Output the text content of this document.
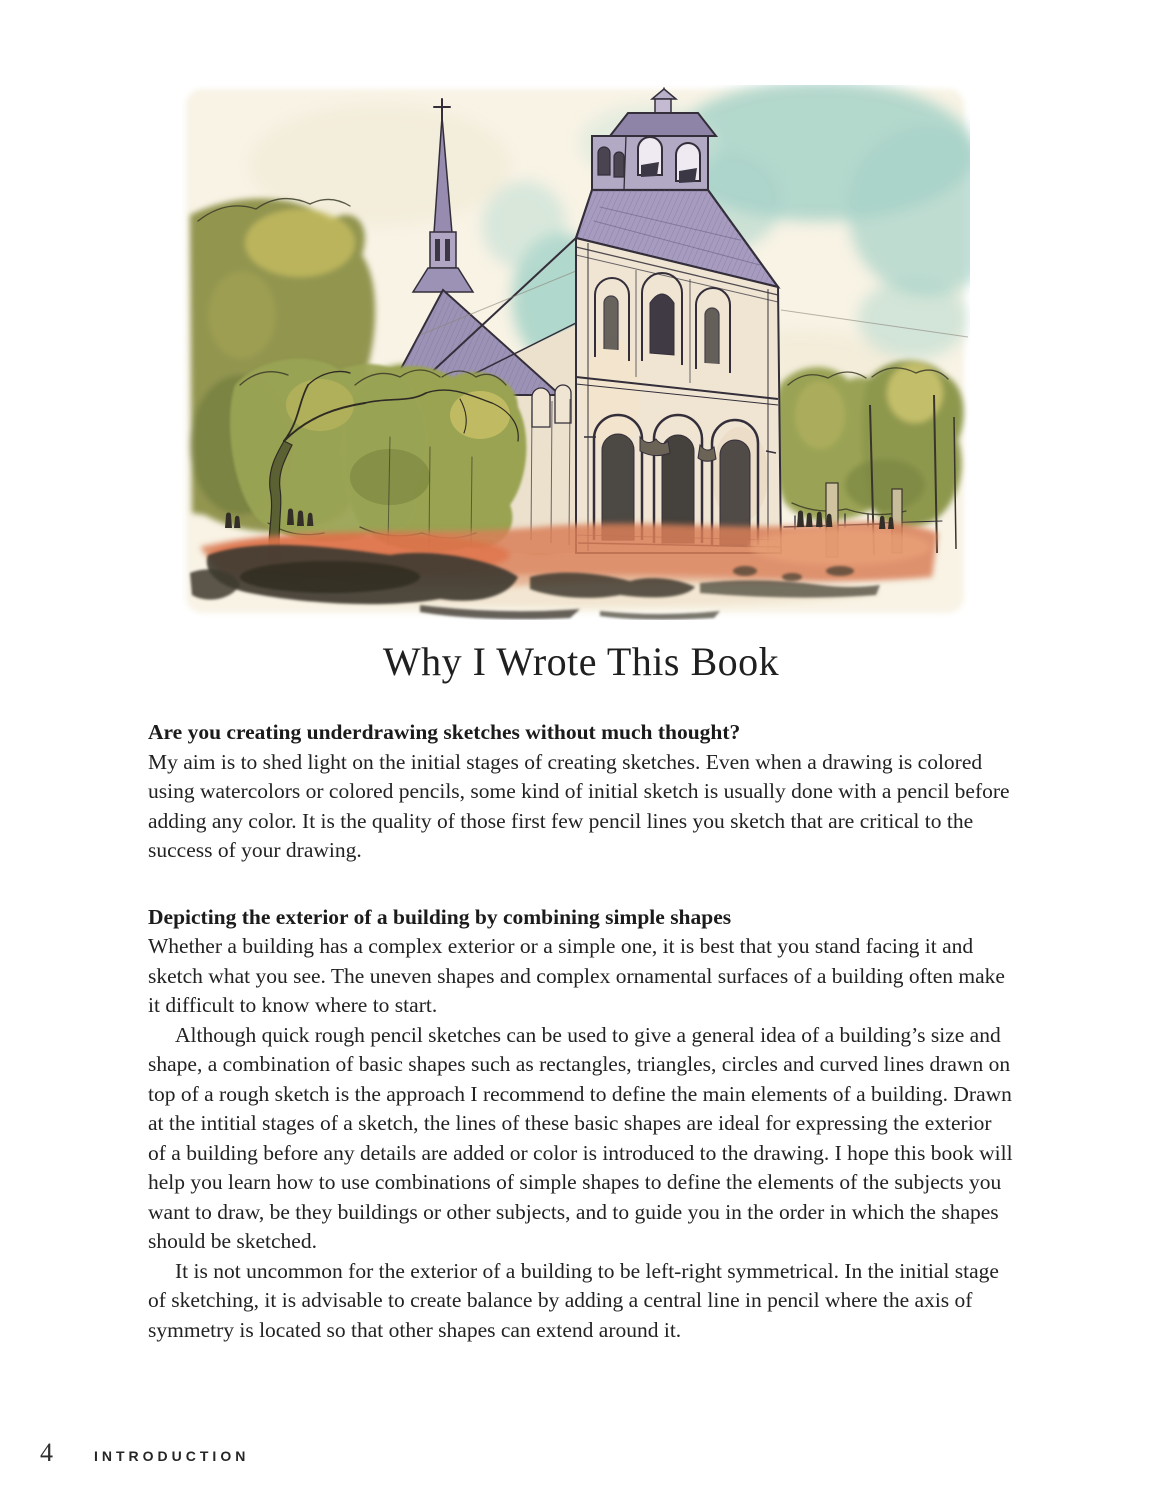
Why I Wrote This Book
Are you creating underdrawing sketches without much thought?

My aim is to shed light on the initial stages of creating sketches. Even when a drawing is colored using watercolors or colored pencils, some kind of initial sketch is usually done with a pencil before adding any color. It is the quality of those first few pencil lines you sketch that are critical to the success of your drawing.

Depicting the exterior of a building by combining simple shapes

Whether a building has a complex exterior or a simple one, it is best that you stand facing it and sketch what you see. The uneven shapes and complex ornamental surfaces of a building often make it difficult to know where to start.

Although quick rough pencil sketches can be used to give a general idea of a building’s size and shape, a combination of basic shapes such as rectangles, triangles, circles and curved lines drawn on top of a rough sketch is the approach I recommend to define the main elements of a building. Drawn at the intitial stages of a sketch, the lines of these basic shapes are ideal for expressing the exterior of a building before any details are added or color is introduced to the drawing. I hope this book will help you learn how to use combinations of simple shapes to define the elements of the subjects you want to draw, be they buildings or other subjects, and to guide you in the order in which the shapes should be sketched.

It is not uncommon for the exterior of a building to be left-right symmetrical. In the initial stage of sketching, it is advisable to create balance by adding a central line in pencil where the axis of symmetry is located so that other shapes can extend around it.

4	INTRODUCTION
